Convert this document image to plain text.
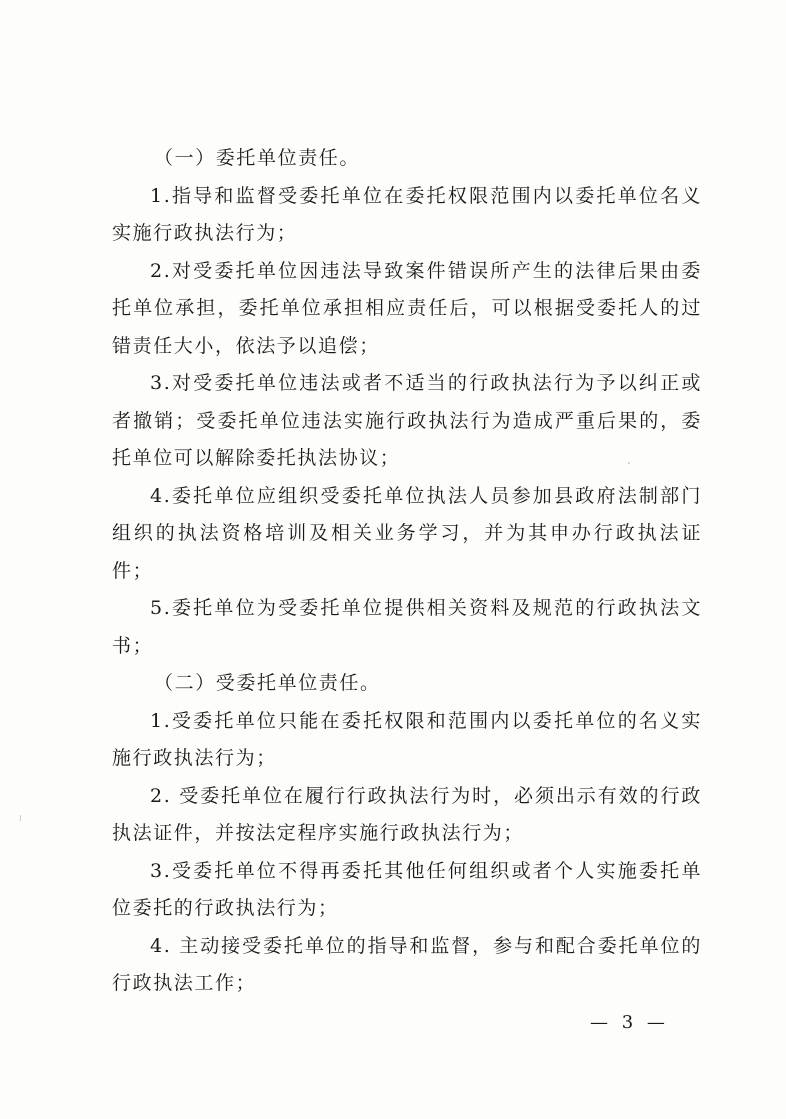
（一）委托单位责任。

1.指导和监督受委托单位在委托权限范围内以委托单位名义实施行政执法行为；

2.对受委托单位因违法导致案件错误所产生的法律后果由委托单位承担，委托单位承担相应责任后，可以根据受委托人的过错责任大小，依法予以追偿；

3.对受委托单位违法或者不适当的行政执法行为予以纠正或者撤销；受委托单位违法实施行政执法行为造成严重后果的，委托单位可以解除委托执法协议；

4.委托单位应组织受委托单位执法人员参加县政府法制部门组织的执法资格培训及相关业务学习，并为其申办行政执法证件；

5.委托单位为受委托单位提供相关资料及规范的行政执法文书；

（二）受委托单位责任。

1.受委托单位只能在委托权限和范围内以委托单位的名义实施行政执法行为；

2. 受委托单位在履行行政执法行为时，必须出示有效的行政执法证件，并按法定程序实施行政执法行为；

3.受委托单位不得再委托其他任何组织或者个人实施委托单位委托的行政执法行为；

4. 主动接受委托单位的指导和监督，参与和配合委托单位的行政执法工作；

— 3 —
